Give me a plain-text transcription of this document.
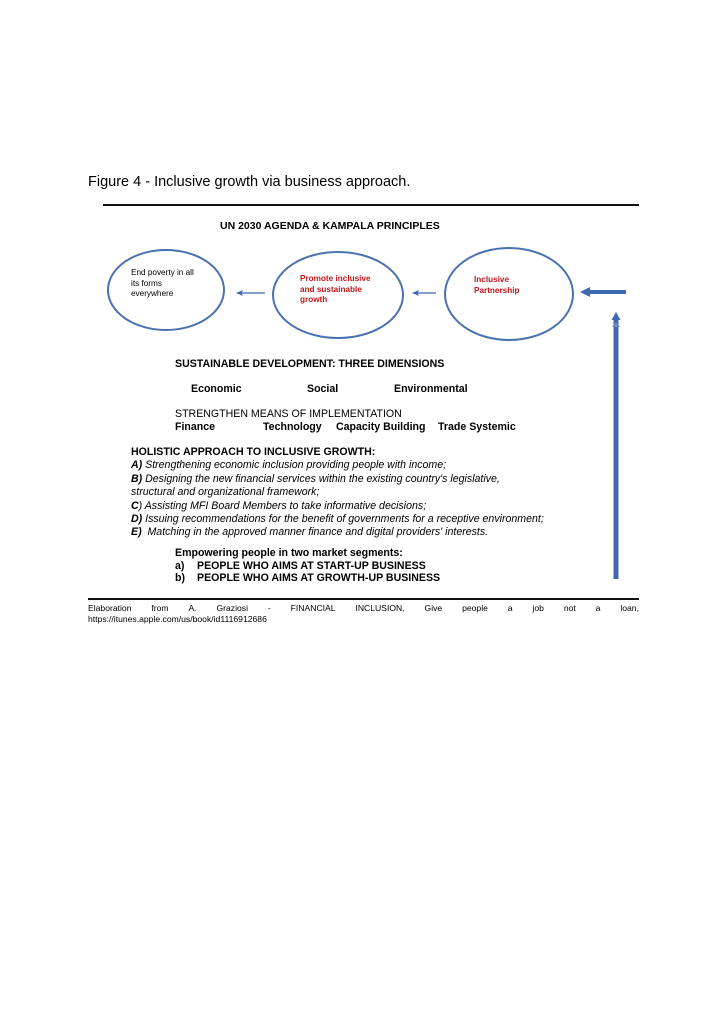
Figure 4 - Inclusive growth via business approach.
UN 2030 AGENDA & KAMPALA PRINCIPLES
End poverty in all
its forms
everywhere
Promote inclusive
and sustainable
growth
Inclusive
Partnership
SUSTAINABLE DEVELOPMENT: THREE DIMENSIONS
Economic	Social	Environmental
STRENGTHEN MEANS OF IMPLEMENTATION
Finance	Technology Capacity Building Trade Systemic
HOLISTIC APPROACH TO INCLUSIVE GROWTH:
A) Strengthening economic inclusion providing people with income;
B) Designing the new financial services within the existing country's legislative,
structural and organizational framework;
C) Assisting MFI Board Members to take informative decisions;
D) Issuing recommendations for the benefit of governments for a receptive environment;
E)  Matching in the approved manner finance and digital providers' interests.
Empowering people in two market segments:
a) PEOPLE WHO AIMS AT START-UP BUSINESS
b) PEOPLE WHO AIMS AT GROWTH-UP BUSINESS
Elaboration from A. Graziosi - FINANCIAL INCLUSION, Give people a job not a loan,
https://itunes.apple.com/us/book/id1116912686
